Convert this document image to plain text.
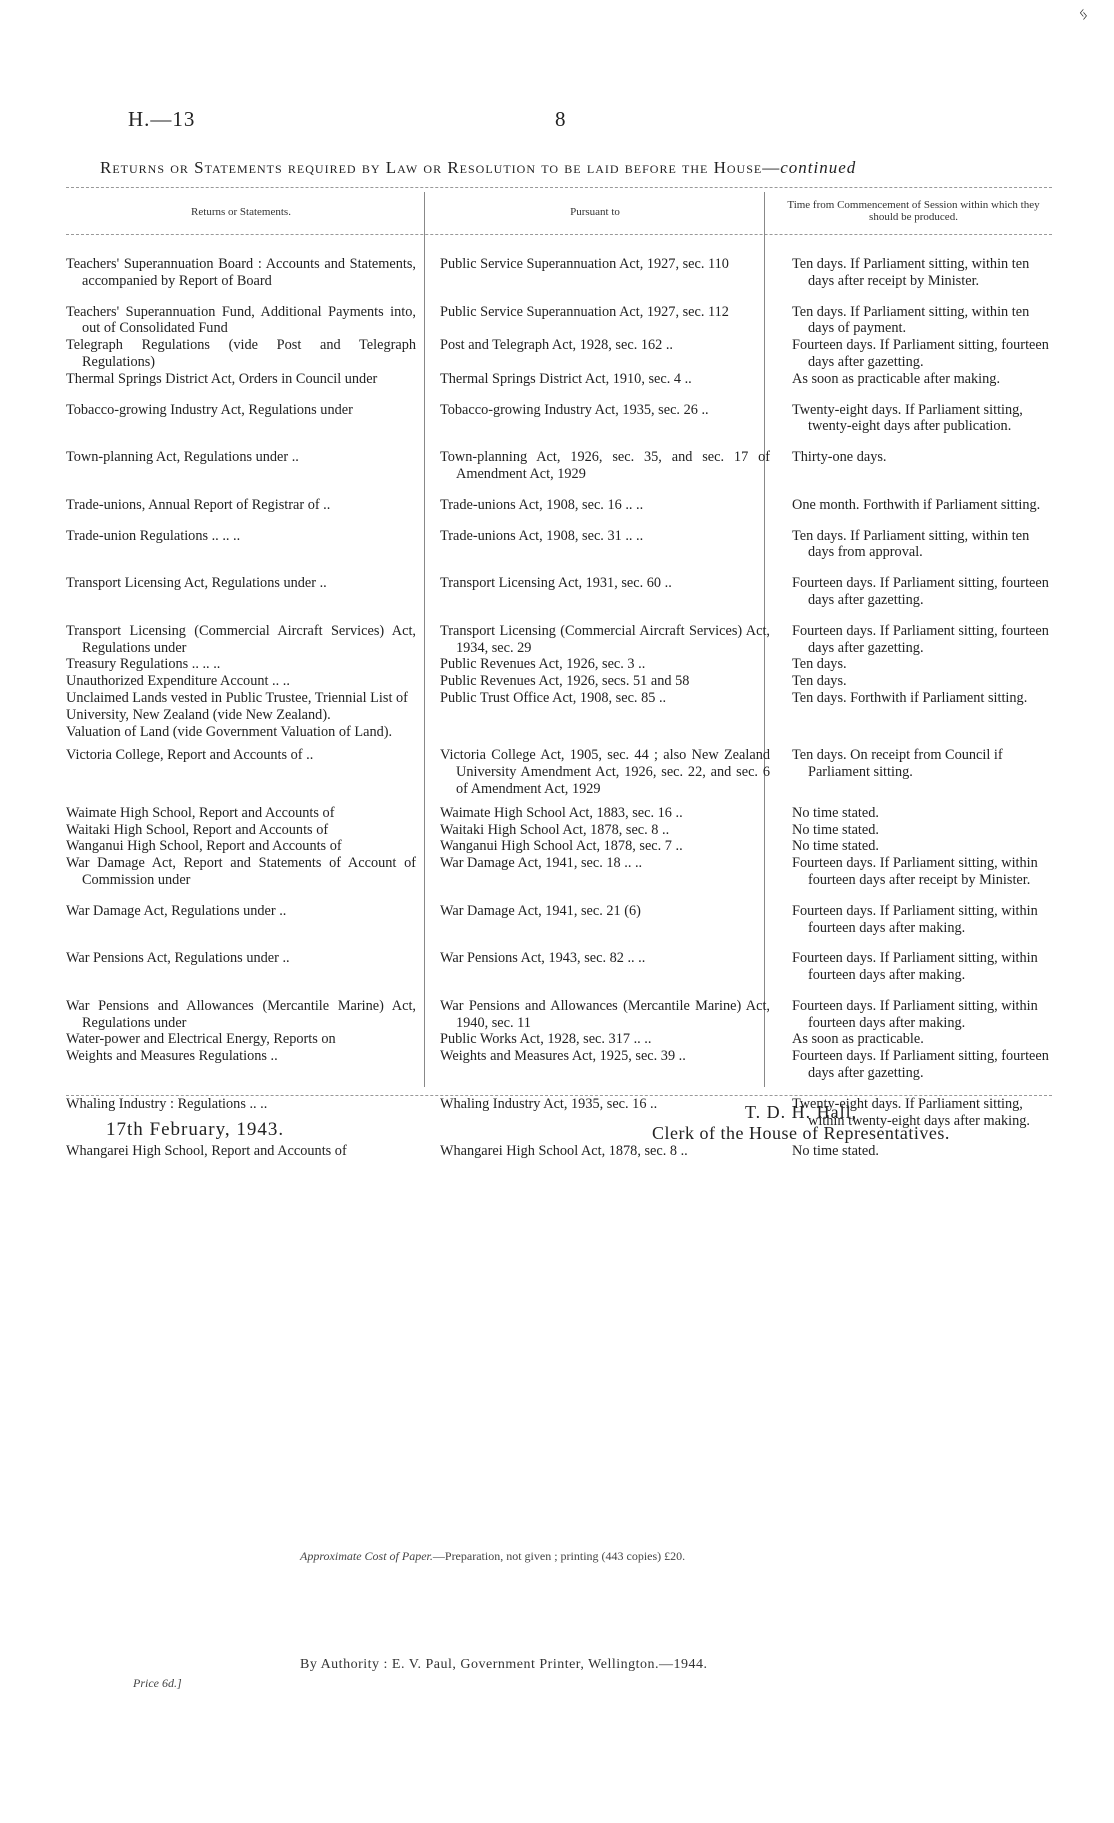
ᛃ
H.—13	8
Returns or Statements required by Law or Resolution to be laid before the House—continued
Returns or Statements.	Pursuant to
Time from Commencement of Session within which they should be produced.
Teachers' Superannuation Board : Accounts and Statements, accompanied by Report of Board	Public Service Superannuation Act, 1927, sec. 110	Ten days. If Parliament sitting, within ten days after receipt by Minister.

Teachers' Superannuation Fund, Additional Payments into, out of Consolidated Fund	Public Service Superannuation Act, 1927, sec. 112	Ten days. If Parliament sitting, within ten days of payment.

Telegraph Regulations (vide Post and Telegraph Regulations)	Post and Telegraph Act, 1928, sec. 162 ..	Fourteen days. If Parliament sitting, fourteen days after gazetting.

Thermal Springs District Act, Orders in Council under	Thermal Springs District Act, 1910, sec. 4 ..	As soon as practicable after making.

Tobacco-growing Industry Act, Regulations under	Tobacco-growing Industry Act, 1935, sec. 26 ..	Twenty-eight days. If Parliament sitting, twenty-eight days after publication.

Town-planning Act, Regulations under ..	Town-planning Act, 1926, sec. 35, and sec. 17 of Amendment Act, 1929	Thirty-one days.

Trade-unions, Annual Report of Registrar of ..	Trade-unions Act, 1908, sec. 16 .. ..	One month. Forthwith if Parliament sitting.

Trade-union Regulations .. .. ..	Trade-unions Act, 1908, sec. 31 .. ..	Ten days. If Parliament sitting, within ten days from approval.

Transport Licensing Act, Regulations under ..	Transport Licensing Act, 1931, sec. 60 ..	Fourteen days. If Parliament sitting, fourteen days after gazetting.

Transport Licensing (Commercial Aircraft Services) Act, Regulations under	Transport Licensing (Commercial Aircraft Services) Act, 1934, sec. 29	Fourteen days. If Parliament sitting, fourteen days after gazetting.

Treasury Regulations .. .. ..	Public Revenues Act, 1926, sec. 3 ..	Ten days.

Unauthorized Expenditure Account .. ..	Public Revenues Act, 1926, secs. 51 and 58	Ten days.

Unclaimed Lands vested in Public Trustee, Triennial List of	Public Trust Office Act, 1908, sec. 85 ..	Ten days. Forthwith if Parliament sitting.

University, New Zealand (vide New Zealand).		

Valuation of Land (vide Government Valuation of Land).		

Victoria College, Report and Accounts of ..	Victoria College Act, 1905, sec. 44 ; also New Zealand University Amendment Act, 1926, sec. 22, and sec. 6 of Amendment Act, 1929	Ten days. On receipt from Council if Parliament sitting.

Waimate High School, Report and Accounts of	Waimate High School Act, 1883, sec. 16 ..	No time stated.

Waitaki High School, Report and Accounts of	Waitaki High School Act, 1878, sec. 8 ..	No time stated.

Wanganui High School, Report and Accounts of	Wanganui High School Act, 1878, sec. 7 ..	No time stated.

War Damage Act, Report and Statements of Account of Commission under	War Damage Act, 1941, sec. 18 .. ..	Fourteen days. If Parliament sitting, within fourteen days after receipt by Minister.

War Damage Act, Regulations under ..	War Damage Act, 1941, sec. 21 (6)	Fourteen days. If Parliament sitting, within fourteen days after making.

War Pensions Act, Regulations under ..	War Pensions Act, 1943, sec. 82 .. ..	Fourteen days. If Parliament sitting, within fourteen days after making.

War Pensions and Allowances (Mercantile Marine) Act, Regulations under	War Pensions and Allowances (Mercantile Marine) Act, 1940, sec. 11	Fourteen days. If Parliament sitting, within fourteen days after making.

Water-power and Electrical Energy, Reports on	Public Works Act, 1928, sec. 317 .. ..	As soon as practicable.

Weights and Measures Regulations ..	Weights and Measures Act, 1925, sec. 39 ..	Fourteen days. If Parliament sitting, fourteen days after gazetting.

Whaling Industry : Regulations .. ..	Whaling Industry Act, 1935, sec. 16 ..	Twenty-eight days. If Parliament sitting, within twenty-eight days after making.

Whangarei High School, Report and Accounts of	Whangarei High School Act, 1878, sec. 8 ..	No time stated.
17th February, 1943.
T. D. H. Hall,
Clerk of the House of Representatives.
Approximate Cost of Paper.—Preparation, not given ; printing (443 copies) £20.
By Authority : E. V. Paul, Government Printer, Wellington.—1944.
Price 6d.]
